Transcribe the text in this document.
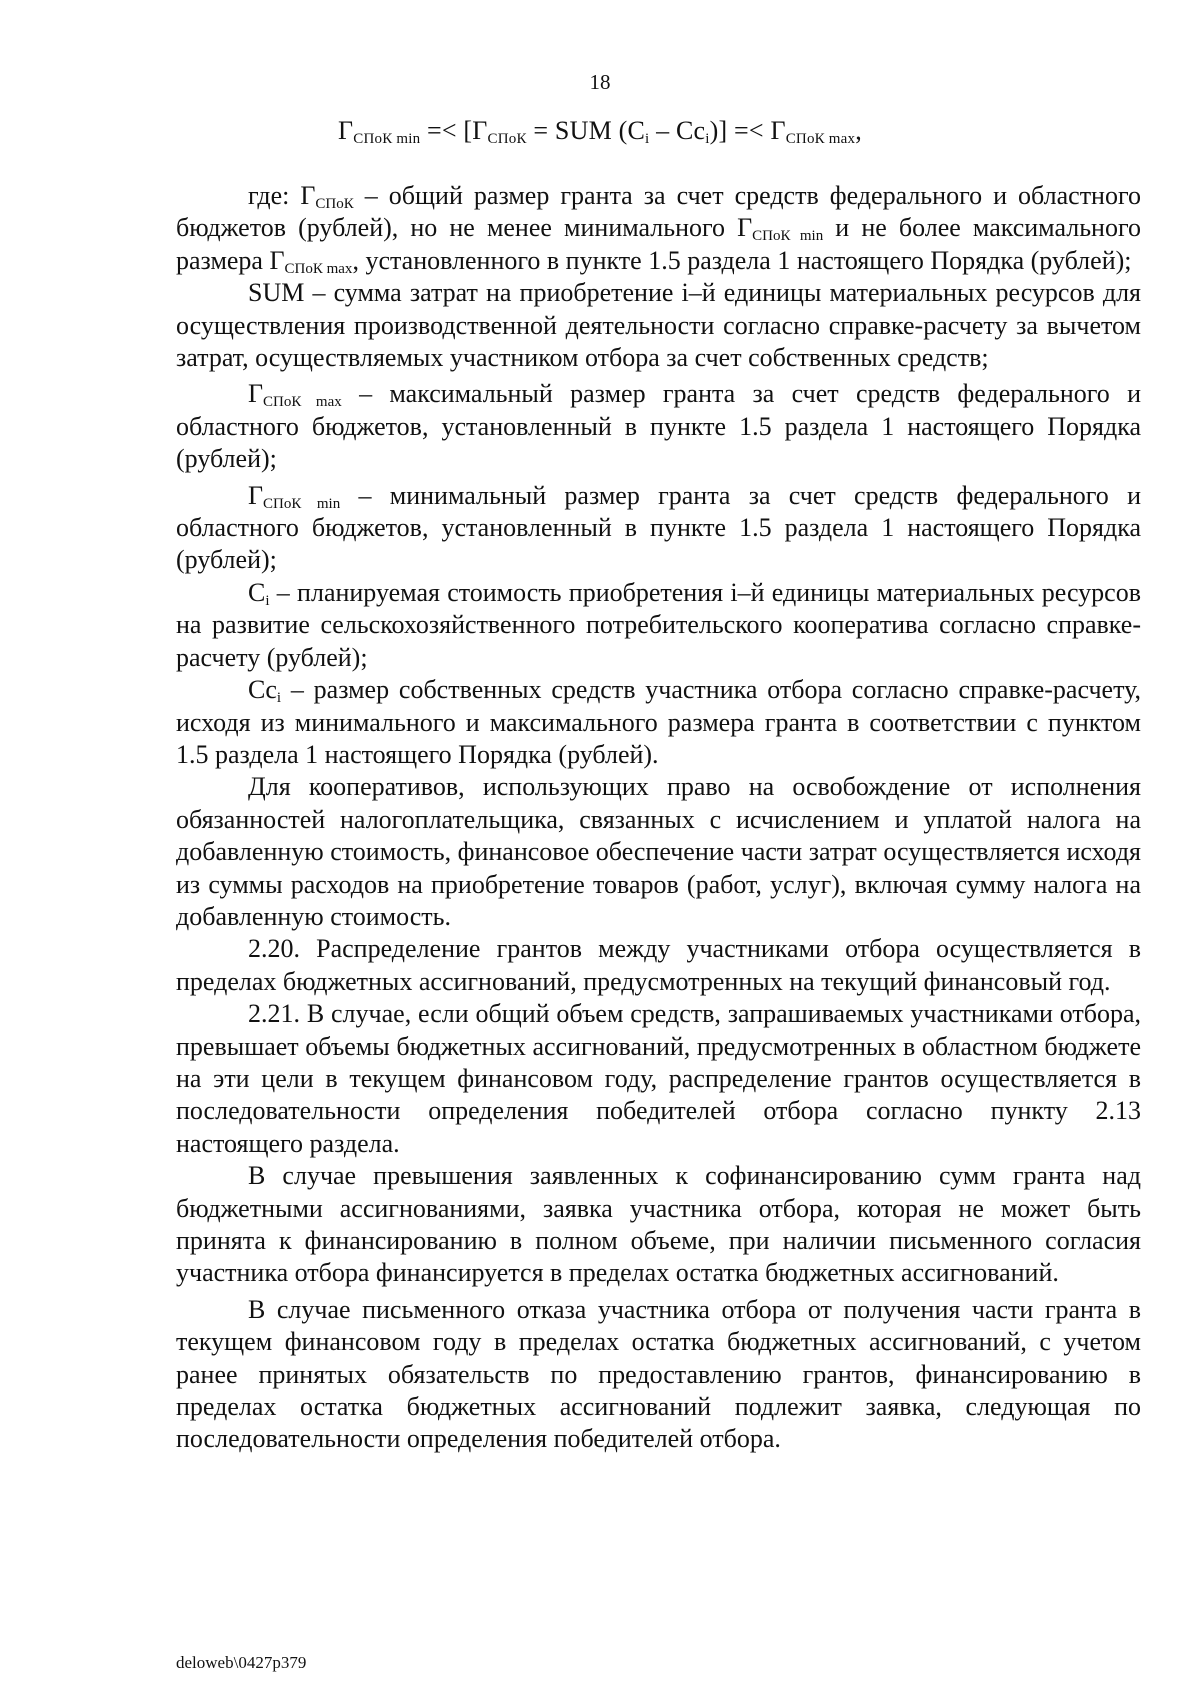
18
$Г_{СПоК min} =< [Г_{СПоК}$ = SUM $(C_i - Cc_i)] =< Г_{СПоК max}$,

где: $Г_{СПоК}$ – общий размер гранта за счет средств федерального и областного бюджетов (рублей), но не менее минимального $Г_{СПоК min}$ и не более максимального размера $Г_{СПоК max}$, установленного в пункте 1.5 раздела 1 настоящего Порядка (рублей);

SUM – сумма затрат на приобретение i–й единицы материальных ресурсов для осуществления производственной деятельности согласно справке-расчету за вычетом затрат, осуществляемых участником отбора за счет собственных средств;

$Г_{СПоК max}$ – максимальный размер гранта за счет средств федерального и областного бюджетов, установленный в пункте 1.5 раздела 1 настоящего Порядка (рублей);

$Г_{СПоК min}$ – минимальный размер гранта за счет средств федерального и областного бюджетов, установленный в пункте 1.5 раздела 1 настоящего Порядка (рублей);

$C_i$ – планируемая стоимость приобретения i–й единицы материальных ресурсов на развитие сельскохозяйственного потребительского кооператива согласно справке-расчету (рублей);

$Cc_i$ – размер собственных средств участника отбора согласно справке-расчету, исходя из минимального и максимального размера гранта в соответствии с пунктом 1.5 раздела 1 настоящего Порядка (рублей).

Для кооперативов, использующих право на освобождение от исполнения обязанностей налогоплательщика, связанных с исчислением и уплатой налога на добавленную стоимость, финансовое обеспечение части затрат осуществляется исходя из суммы расходов на приобретение товаров (работ, услуг), включая сумму налога на добавленную стоимость.

2.20. Распределение грантов между участниками отбора осуществляется в пределах бюджетных ассигнований, предусмотренных на текущий финансовый год.

2.21. В случае, если общий объем средств, запрашиваемых участниками отбора, превышает объемы бюджетных ассигнований, предусмотренных в областном бюджете на эти цели в текущем финансовом году, распределение грантов осуществляется в последовательности определения победителей отбора согласно пункту 2.13 настоящего раздела.

В случае превышения заявленных к софинансированию сумм гранта над бюджетными ассигнованиями, заявка участника отбора, которая не может быть принята к финансированию в полном объеме, при наличии письменного согласия участника отбора финансируется в пределах остатка бюджетных ассигнований.

В случае письменного отказа участника отбора от получения части гранта в текущем финансовом году в пределах остатка бюджетных ассигнований, с учетом ранее принятых обязательств по предоставлению грантов, финансированию в пределах остатка бюджетных ассигнований подлежит заявка, следующая по последовательности определения победителей отбора.

deloweb\0427p379
